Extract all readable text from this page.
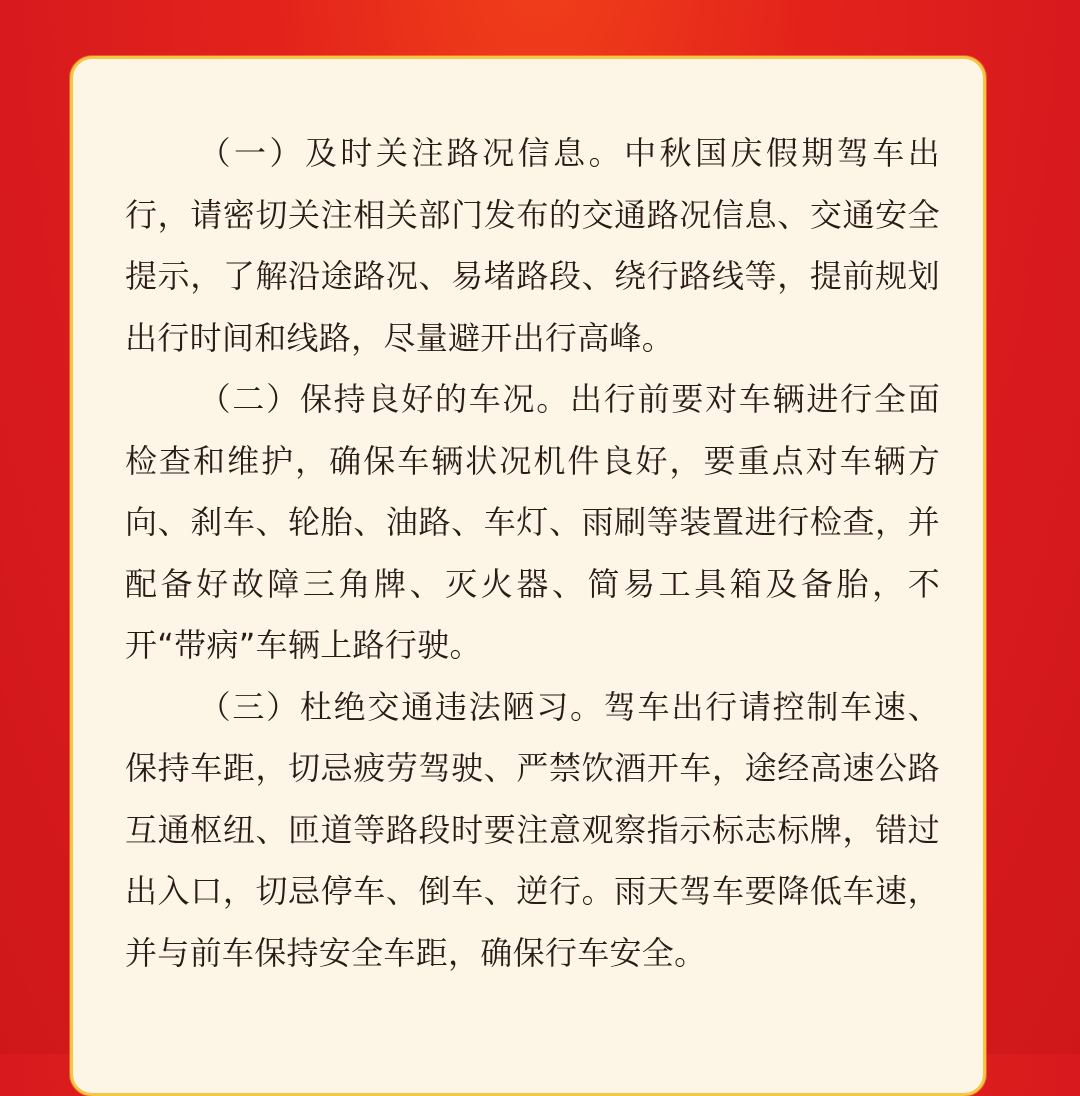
（一）及时关注路况信息。中秋国庆假期驾车出行，请密切关注相关部门发布的交通路况信息、交通安全提示，了解沿途路况、易堵路段、绕行路线等，提前规划出行时间和线路，尽量避开出行高峰。

（二）保持良好的车况。出行前要对车辆进行全面检查和维护，确保车辆状况机件良好，要重点对车辆方向、刹车、轮胎、油路、车灯、雨刷等装置进行检查，并配备好故障三角牌、灭火器、简易工具箱及备胎，不开“带病”车辆上路行驶。

（三）杜绝交通违法陋习。驾车出行请控制车速、保持车距，切忌疲劳驾驶、严禁饮酒开车，途经高速公路互通枢纽、匝道等路段时要注意观察指示标志标牌，错过出入口，切忌停车、倒车、逆行。雨天驾车要降低车速，并与前车保持安全车距，确保行车安全。
